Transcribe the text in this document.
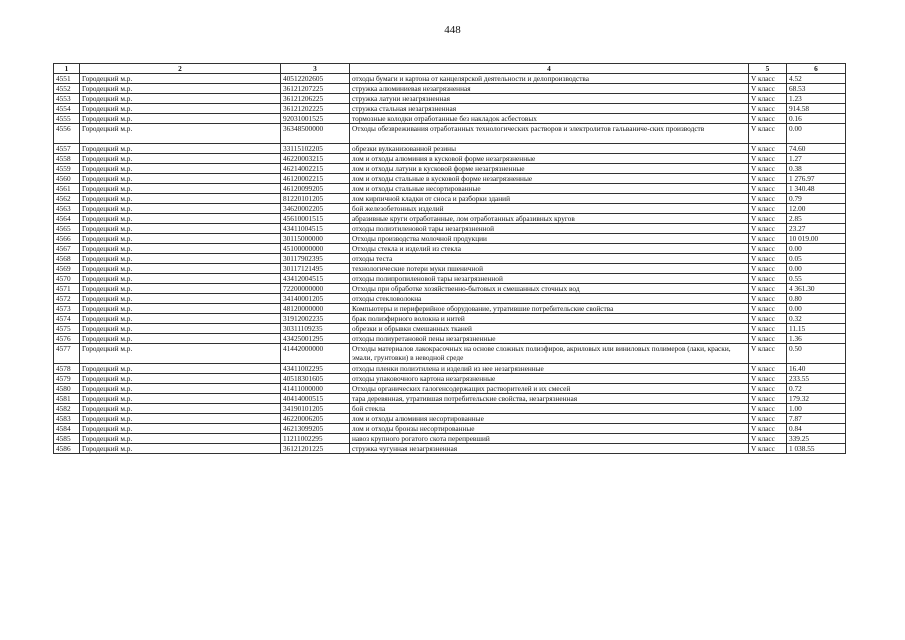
448
1	2	3	4	5	6
4551	Городецкий м.р.	40512202605	отходы бумаги и картона от канцелярской деятельности и делопроизводства	V класс	4.52
4552	Городецкий м.р.	36121207225	стружка алюминиевая незагрязненная	V класс	68.53
4553	Городецкий м.р.	36121206225	стружка латуни незагрязненная	V класс	1.23
4554	Городецкий м.р.	36121202225	стружка стальная незагрязненная	V класс	914.58
4555	Городецкий м.р.	92031001525	тормозные колодки отработанные без накладок асбестовых	V класс	0.16
4556	Городецкий м.р.	36348500000	Отходы обезвреживания отработанных технологических растворов и электролитов гальваниче-ских производств	V класс	0.00
4557	Городецкий м.р.	33115102205	обрезки вулканизованной резины	V класс	74.60
4558	Городецкий м.р.	46220003215	лом и отходы алюминия в кусковой форме незагрязненные	V класс	1.27
4559	Городецкий м.р.	46214002215	лом и отходы латуни в кусковой форме незагрязненные	V класс	0.38
4560	Городецкий м.р.	46120002215	лом и отходы стальные в кусковой форме незагрязненные	V класс	1 276.97
4561	Городецкий м.р.	46120099205	лом и отходы стальные несортированные	V класс	1 340.48
4562	Городецкий м.р.	81220101205	лом кирпичной кладки от сноса и разборки зданий	V класс	0.79
4563	Городецкий м.р.	34620002205	бой железобетонных изделий	V класс	12.00
4564	Городецкий м.р.	45610001515	абразивные круги отработанные, лом отработанных абразивных кругов	V класс	2.85
4565	Городецкий м.р.	43411004515	отходы полиэтиленовой тары незагрязненной	V класс	23.27
4566	Городецкий м.р.	30115000000	Отходы производства молочной продукции	V класс	10 019.00
4567	Городецкий м.р.	45100000000	Отходы стекла и изделий из стекла	V класс	0.00
4568	Городецкий м.р.	30117902395	отходы теста	V класс	0.05
4569	Городецкий м.р.	30117121495	технологические потери муки пшеничной	V класс	0.00
4570	Городецкий м.р.	43412004515	отходы полипропиленовой тары незагрязненной	V класс	0.55
4571	Городецкий м.р.	72200000000	Отходы при обработке хозяйственно-бытовых и смешанных сточных вод	V класс	4 361.30
4572	Городецкий м.р.	34140001205	отходы стекловолокна	V класс	0.80
4573	Городецкий м.р.	48120000000	Компьютеры и периферийное оборудование, утратившие потребительские свойства	V класс	0.00
4574	Городецкий м.р.	31912002235	брак полиэфирного волокна и нитей	V класс	0.32
4575	Городецкий м.р.	30311109235	обрезки и обрывки смешанных тканей	V класс	11.15
4576	Городецкий м.р.	43425001295	отходы полиуретановой пены незагрязненные	V класс	1.36
4577	Городецкий м.р.	41442000000	Отходы материалов лакокрасочных на основе сложных полиэфиров, акриловых или виниловых полимеров (лаки, краски, эмали, грунтовки) в неводной среде	V класс	0.50
4578	Городецкий м.р.	43411002295	отходы пленки полиэтилена и изделий из нее незагрязненные	V класс	16.40
4579	Городецкий м.р.	40518301605	отходы упаковочного картона незагрязненные	V класс	233.55
4580	Городецкий м.р.	41411000000	Отходы органических галогенсодержащих растворителей и их смесей	V класс	0.72
4581	Городецкий м.р.	40414000515	тара деревянная, утратившая потребительские свойства, незагрязненная	V класс	179.32
4582	Городецкий м.р.	34190101205	бой стекла	V класс	1.00
4583	Городецкий м.р.	46220006205	лом и отходы алюминия несортированные	V класс	7.87
4584	Городецкий м.р.	46213099205	лом и отходы бронзы несортированные	V класс	0.84
4585	Городецкий м.р.	11211002295	навоз крупного рогатого скота перепревший	V класс	339.25
4586	Городецкий м.р.	36121201225	стружка чугунная незагрязненная	V класс	1 038.55
